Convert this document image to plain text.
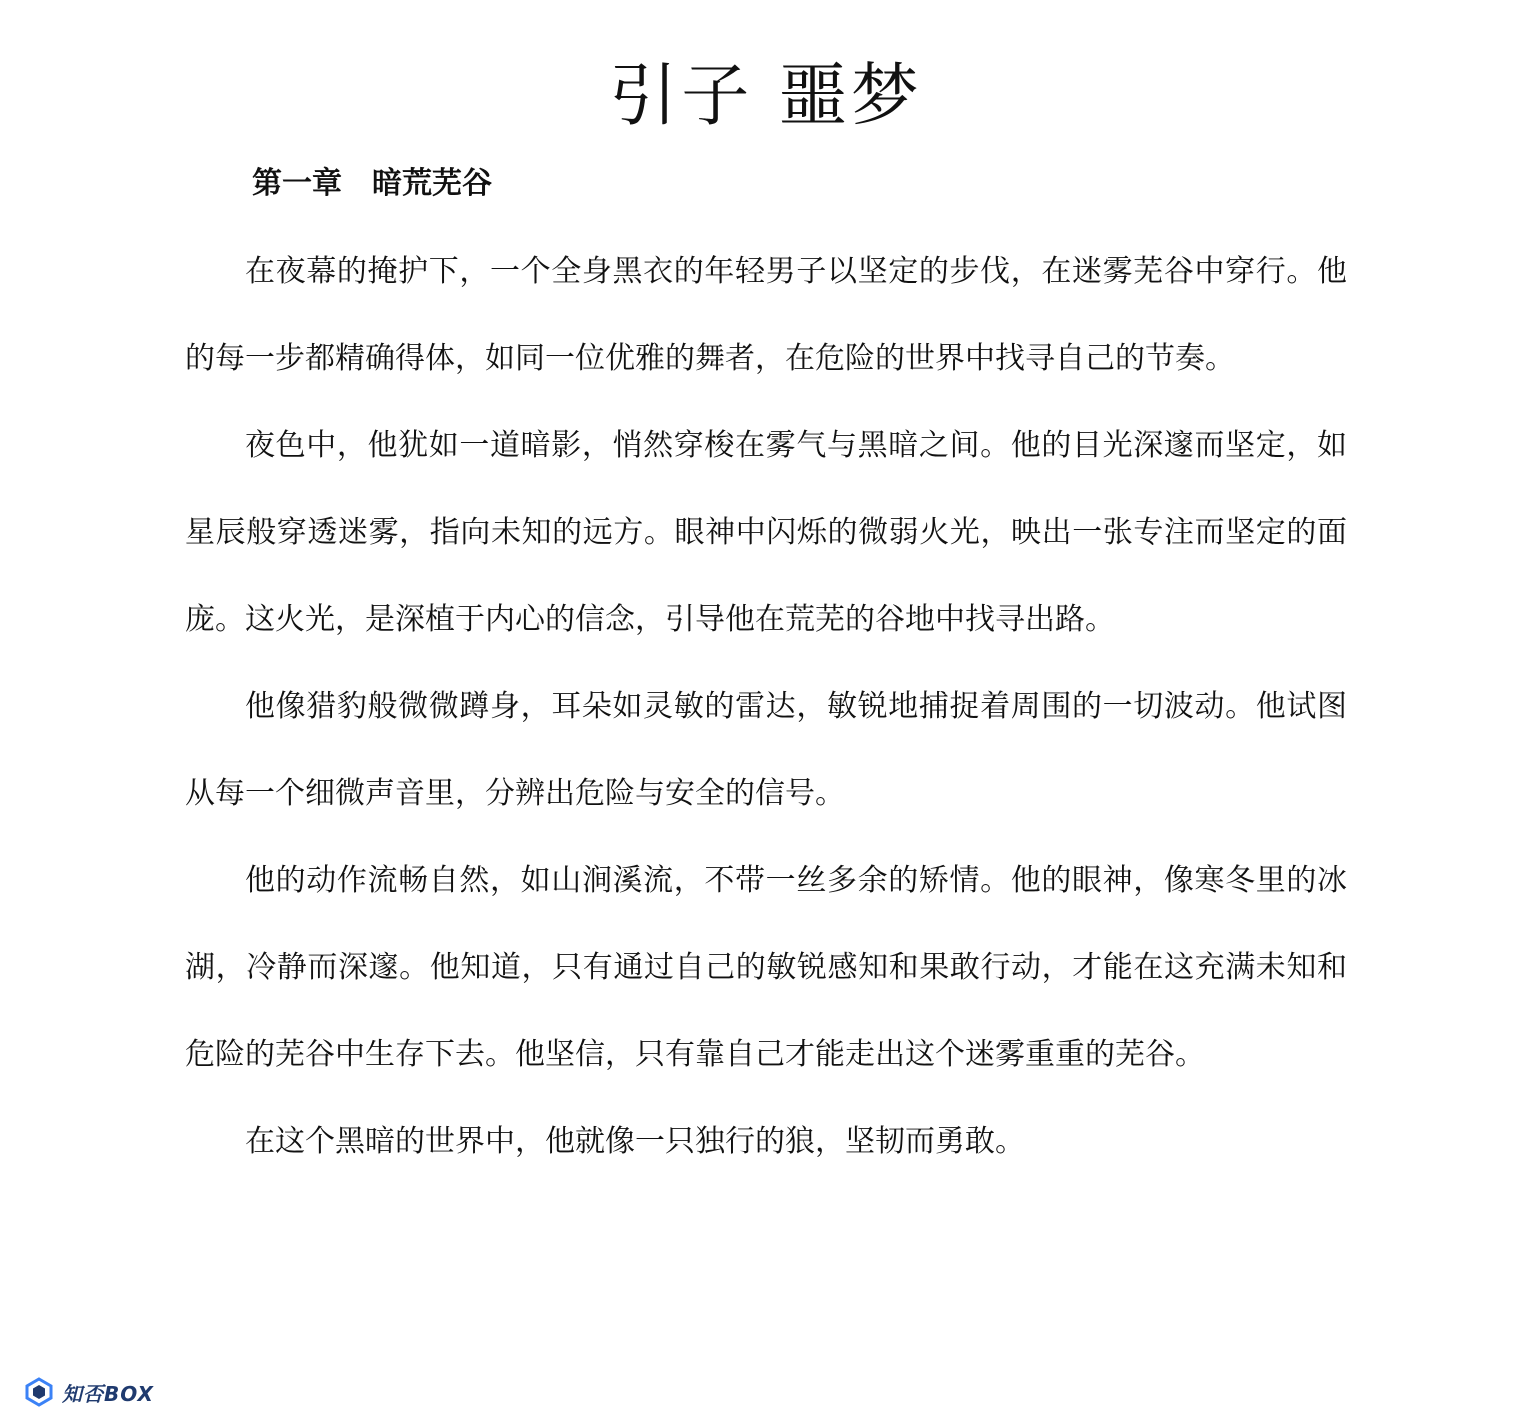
引子 噩梦
第一章　暗荒芜谷

在夜幕的掩护下，一个全身黑衣的年轻男子以坚定的步伐，在迷雾芜谷中穿行。他的每一步都精确得体，如同一位优雅的舞者，在危险的世界中找寻自己的节奏。

夜色中，他犹如一道暗影，悄然穿梭在雾气与黑暗之间。他的目光深邃而坚定，如星辰般穿透迷雾，指向未知的远方。眼神中闪烁的微弱火光，映出一张专注而坚定的面庞。这火光，是深植于内心的信念，引导他在荒芜的谷地中找寻出路。

他像猎豹般微微蹲身，耳朵如灵敏的雷达，敏锐地捕捉着周围的一切波动。他试图从每一个细微声音里，分辨出危险与安全的信号。

他的动作流畅自然，如山涧溪流，不带一丝多余的矫情。他的眼神，像寒冬里的冰湖，冷静而深邃。他知道，只有通过自己的敏锐感知和果敢行动，才能在这充满未知和危险的芜谷中生存下去。他坚信，只有靠自己才能走出这个迷雾重重的芜谷。

在这个黑暗的世界中，他就像一只独行的狼，坚韧而勇敢。

知否BOX
